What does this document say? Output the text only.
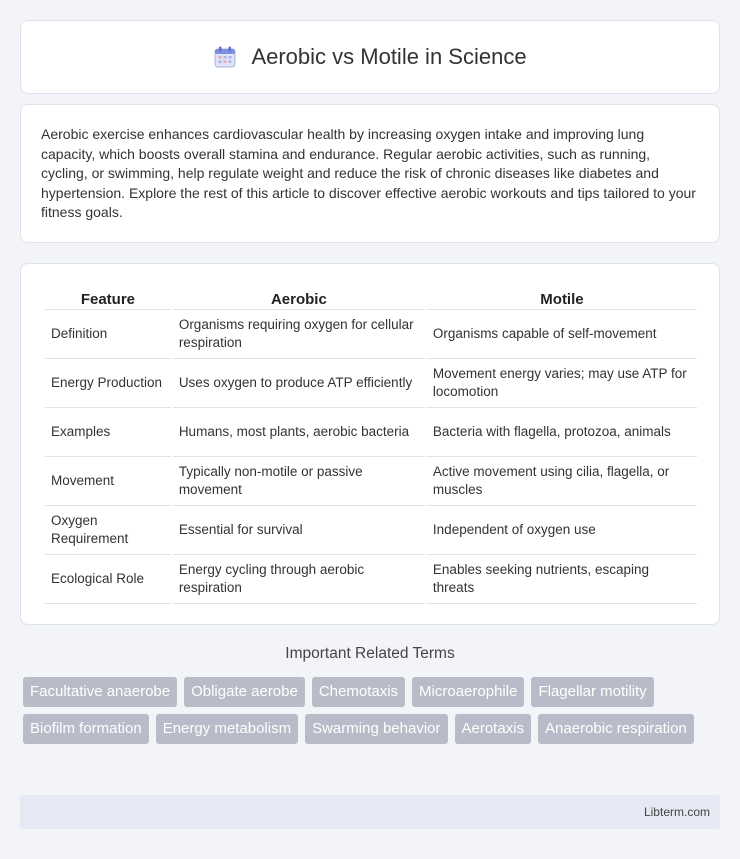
Aerobic vs Motile in Science

Aerobic exercise enhances cardiovascular health by increasing oxygen intake and improving lung capacity, which boosts overall stamina and endurance. Regular aerobic activities, such as running, cycling, or swimming, help regulate weight and reduce the risk of chronic diseases like diabetes and hypertension. Explore the rest of this article to discover effective aerobic workouts and tips tailored to your fitness goals.

Feature	Aerobic	Motile
Definition	Organisms requiring oxygen for cellular respiration	Organisms capable of self-movement
Energy Production	Uses oxygen to produce ATP efficiently	Movement energy varies; may use ATP for locomotion
Examples	Humans, most plants, aerobic bacteria	Bacteria with flagella, protozoa, animals
Movement	Typically non-motile or passive movement	Active movement using cilia, flagella, or muscles
Oxygen Requirement	Essential for survival	Independent of oxygen use
Ecological Role	Energy cycling through aerobic respiration	Enables seeking nutrients, escaping threats
Important Related Terms
Facultative anaerobe	Obligate aerobe	Chemotaxis	Microaerophile	Flagellar motility
Biofilm formation	Energy metabolism	Swarming behavior	Aerotaxis	Anaerobic respiration
Libterm.com
